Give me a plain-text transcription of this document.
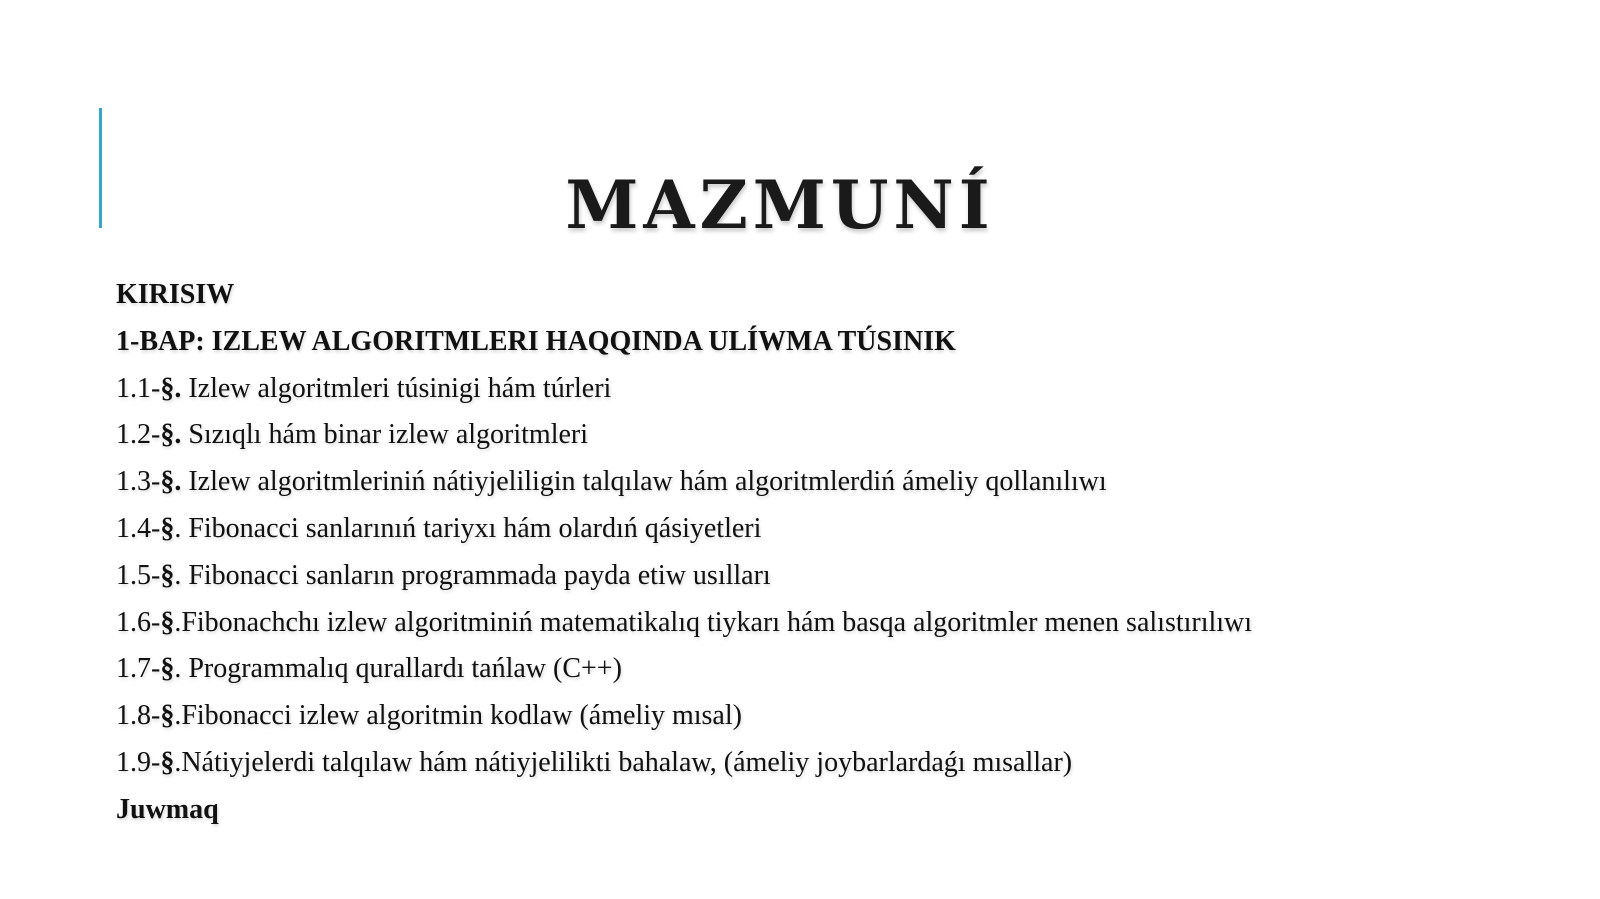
MAZMUNÍ
KIRISIW
1-BAP: IZLEW ALGORITMLERI HAQQINDA ULÍWMA TÚSINIK
1.1-§. Izlew algoritmleri túsinigi hám túrleri
1.2-§. Sızıqlı hám binar izlew algoritmleri
1.3-§. Izlew algoritmleriniń nátiyjeliligin talqılaw hám algoritmlerdiń ámeliy qollanılıwı
1.4-§. Fibonacci sanlarınıń tariyxı hám olardıń qásiyetleri
1.5-§. Fibonacci sanların programmada payda etiw usılları
1.6-§.Fibonachchı izlew algoritminiń matematikalıq tiykarı hám basqa algoritmler menen salıstırılıwı
1.7-§. Programmalıq qurallardı tańlaw (C++)
1.8-§.Fibonacci izlew algoritmin kodlaw (ámeliy mısal)
1.9-§.Nátiyjelerdi talqılaw hám nátiyjelilikti bahalaw, (ámeliy joybarlardaǵı mısallar)
Juwmaq
